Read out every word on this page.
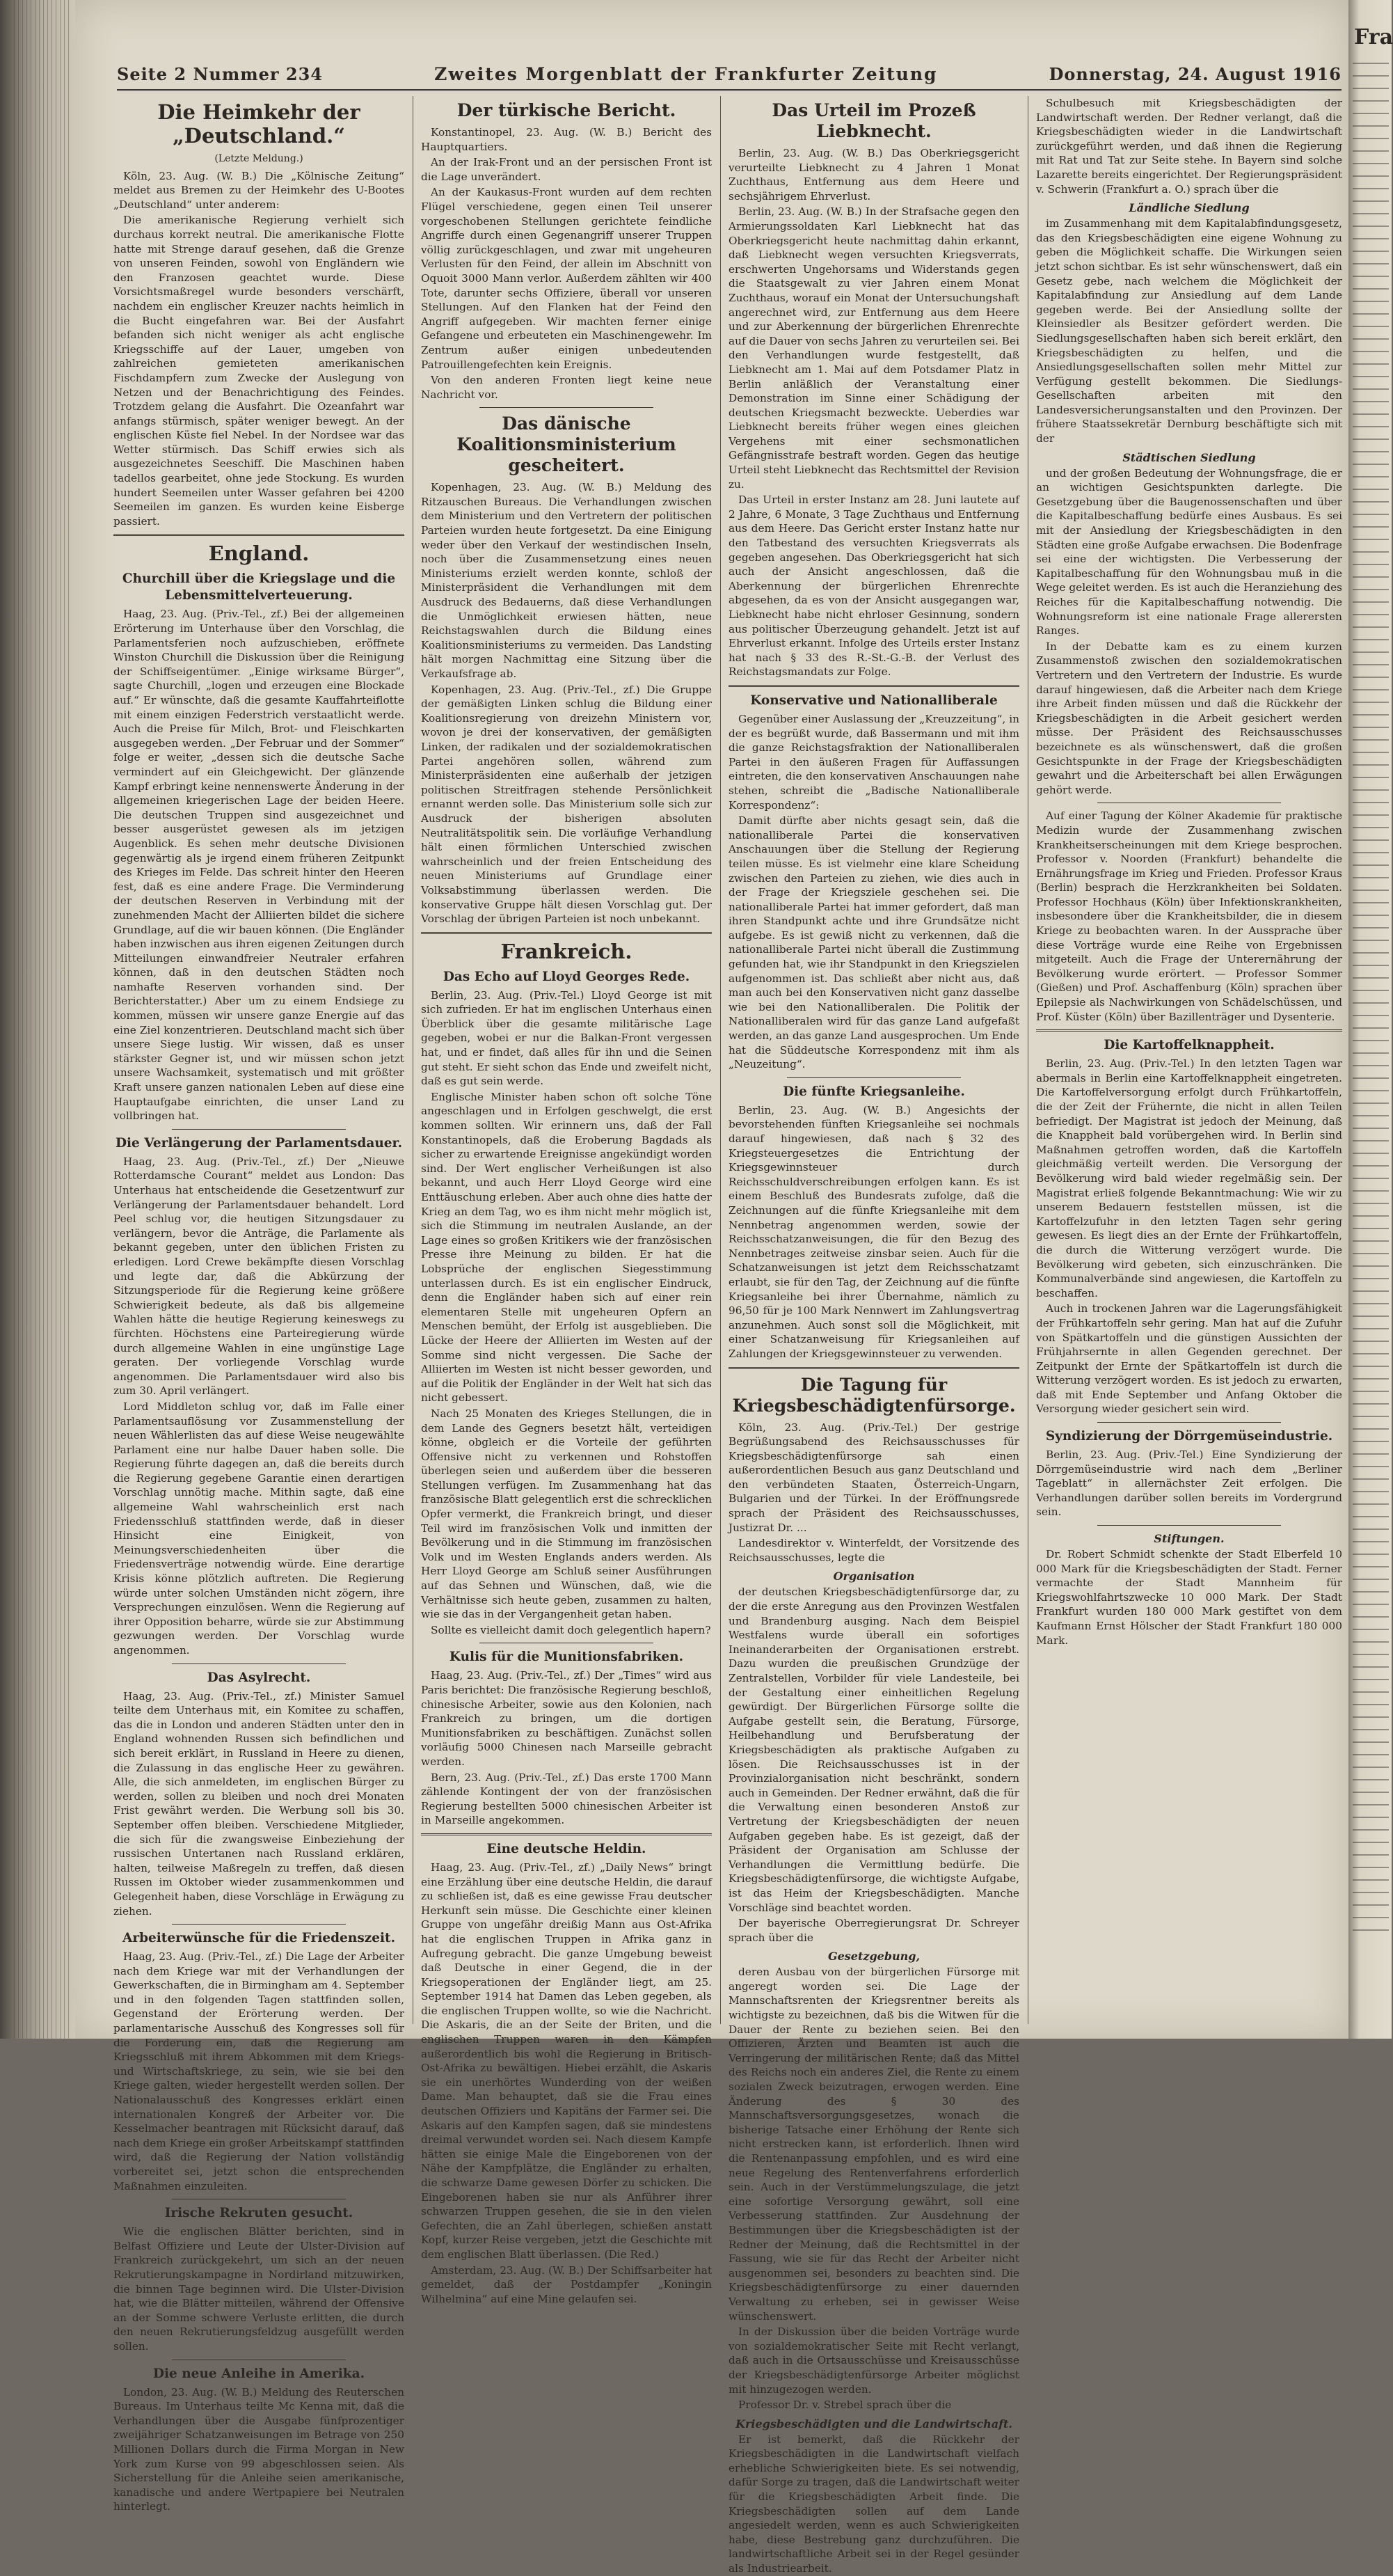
Fra
Seite 2 Nummer 234	Zweites Morgenblatt der Frankfurter Zeitung	Donnerstag, 24. August 1916
Die Heimkehr der „Deutschland.“
(Letzte Meldung.)

Köln, 23. Aug. (W. B.) Die „Kölnische Zeitung“ meldet aus Bremen zu der Heimkehr des U-Bootes „Deutschland“ unter anderem:

Die amerikanische Regierung verhielt sich durchaus korrekt neutral. Die amerikanische Flotte hatte mit Strenge darauf gesehen, daß die Grenze von unseren Feinden, sowohl von Engländern wie den Franzosen geachtet wurde. Diese Vorsichtsmaßregel wurde besonders verschärft, nachdem ein englischer Kreuzer nachts heimlich in die Bucht eingefahren war. Bei der Ausfahrt befanden sich nicht weniger als acht englische Kriegsschiffe auf der Lauer, umgeben von zahlreichen gemieteten amerikanischen Fischdampfern zum Zwecke der Auslegung von Netzen und der Benachrichtigung des Feindes. Trotzdem gelang die Ausfahrt. Die Ozeanfahrt war anfangs stürmisch, später weniger bewegt. An der englischen Küste fiel Nebel. In der Nordsee war das Wetter stürmisch. Das Schiff erwies sich als ausgezeichnetes Seeschiff. Die Maschinen haben tadellos gearbeitet, ohne jede Stockung. Es wurden hundert Seemeilen unter Wasser gefahren bei 4200 Seemeilen im ganzen. Es wurden keine Eisberge passiert.

England.
Churchill über die Kriegslage und die Lebensmittelverteuerung.

Haag, 23. Aug. (Priv.-Tel., zf.) Bei der allgemeinen Erörterung im Unterhause über den Vorschlag, die Parlamentsferien noch aufzuschieben, eröffnete Winston Churchill die Diskussion über die Reinigung der Schiffseigentümer. „Einige wirksame Bürger“, sagte Churchill, „logen und erzeugen eine Blockade auf.“ Er wünschte, daß die gesamte Kauffahrteiflotte mit einem einzigen Federstrich verstaatlicht werde. Auch die Preise für Milch, Brot- und Fleischkarten ausgegeben werden. „Der Februar und der Sommer“ folge er weiter, „dessen sich die deutsche Sache vermindert auf ein Gleichgewicht. Der glänzende Kampf erbringt keine nennenswerte Änderung in der allgemeinen kriegerischen Lage der beiden Heere. Die deutschen Truppen sind ausgezeichnet und besser ausgerüstet gewesen als im jetzigen Augenblick. Es sehen mehr deutsche Divisionen gegenwärtig als je irgend einem früheren Zeitpunkt des Krieges im Felde. Das schreit hinter den Heeren fest, daß es eine andere Frage. Die Verminderung der deutschen Reserven in Verbindung mit der zunehmenden Macht der Alliierten bildet die sichere Grundlage, auf die wir bauen können. (Die Engländer haben inzwischen aus ihren eigenen Zeitungen durch Mitteilungen einwandfreier Neutraler erfahren können, daß in den deutschen Städten noch namhafte Reserven vorhanden sind. Der Berichterstatter.) Aber um zu einem Endsiege zu kommen, müssen wir unsere ganze Energie auf das eine Ziel konzentrieren. Deutschland macht sich über unsere Siege lustig. Wir wissen, daß es unser stärkster Gegner ist, und wir müssen schon jetzt unsere Wachsamkeit, systematisch und mit größter Kraft unsere ganzen nationalen Leben auf diese eine Hauptaufgabe einrichten, die unser Land zu vollbringen hat.

Die Verlängerung der Parlamentsdauer.

Haag, 23. Aug. (Priv.-Tel., zf.) Der „Nieuwe Rotterdamsche Courant“ meldet aus London: Das Unterhaus hat entscheidende die Gesetzentwurf zur Verlängerung der Parlamentsdauer behandelt. Lord Peel schlug vor, die heutigen Sitzungsdauer zu verlängern, bevor die Anträge, die Parlamente als bekannt gegeben, unter den üblichen Fristen zu erledigen. Lord Crewe bekämpfte diesen Vorschlag und legte dar, daß die Abkürzung der Sitzungsperiode für die Regierung keine größere Schwierigkeit bedeute, als daß bis allgemeine Wahlen hätte die heutige Regierung keineswegs zu fürchten. Höchstens eine Parteiregierung würde durch allgemeine Wahlen in eine ungünstige Lage geraten. Der vorliegende Vorschlag wurde angenommen. Die Parlamentsdauer wird also bis zum 30. April verlängert.

Lord Middleton schlug vor, daß im Falle einer Parlamentsauflösung vor Zusammenstellung der neuen Wählerlisten das auf diese Weise neugewählte Parlament eine nur halbe Dauer haben solle. Die Regierung führte dagegen an, daß die bereits durch die Regierung gegebene Garantie einen derartigen Vorschlag unnötig mache. Mithin sagte, daß eine allgemeine Wahl wahrscheinlich erst nach Friedensschluß stattfinden werde, daß in dieser Hinsicht eine Einigkeit, von Meinungsverschiedenheiten über die Friedensverträge notwendig würde. Eine derartige Krisis könne plötzlich auftreten. Die Regierung würde unter solchen Umständen nicht zögern, ihre Versprechungen einzulösen. Wenn die Regierung auf ihrer Opposition beharre, würde sie zur Abstimmung gezwungen werden. Der Vorschlag wurde angenommen.

Das Asylrecht.

Haag, 23. Aug. (Priv.-Tel., zf.) Minister Samuel teilte dem Unterhaus mit, ein Komitee zu schaffen, das die in London und anderen Städten unter den in England wohnenden Russen sich befindlichen und sich bereit erklärt, in Russland in Heere zu dienen, die Zulassung in das englische Heer zu gewähren. Alle, die sich anmeldeten, im englischen Bürger zu werden, sollen zu bleiben und noch drei Monaten Frist gewährt werden. Die Werbung soll bis 30. September offen bleiben. Verschiedene Mitglieder, die sich für die zwangsweise Einbeziehung der russischen Untertanen nach Russland erklären, halten, teilweise Maßregeln zu treffen, daß diesen Russen im Oktober wieder zusammenkommen und Gelegenheit haben, diese Vorschläge in Erwägung zu ziehen.

Arbeiterwünsche für die Friedenszeit.

Haag, 23. Aug. (Priv.-Tel., zf.) Die Lage der Arbeiter nach dem Kriege war mit der Verhandlungen der Gewerkschaften, die in Birmingham am 4. September und in den folgenden Tagen stattfinden sollen, Gegenstand der Erörterung werden. Der parlamentarische Ausschuß des Kongresses soll für die Forderung ein, daß die Regierung am Kriegsschluß mit ihrem Abkommen mit dem Kriegs- und Wirtschaftskriege, zu sein, wie sie bei den Kriege galten, wieder hergestellt werden sollen. Der Nationalausschuß des Kongresses erklärt einen internationalen Kongreß der Arbeiter vor. Die Kesselmacher beantragen mit Rücksicht darauf, daß nach dem Kriege ein großer Arbeitskampf stattfinden wird, daß die Regierung der Nation vollständig vorbereitet sei, jetzt schon die entsprechenden Maßnahmen einzuleiten.

Irische Rekruten gesucht.

Wie die englischen Blätter berichten, sind in Belfast Offiziere und Leute der Ulster-Division auf Frankreich zurückgekehrt, um sich an der neuen Rekrutierungskampagne in Nordirland mitzuwirken, die binnen Tage beginnen wird. Die Ulster-Division hat, wie die Blätter mitteilen, während der Offensive an der Somme schwere Verluste erlitten, die durch den neuen Rekrutierungsfeldzug ausgefüllt werden sollen.

Die neue Anleihe in Amerika.

London, 23. Aug. (W. B.) Meldung des Reuterschen Bureaus. Im Unterhaus teilte Mc Kenna mit, daß die Verhandlungen über die Ausgabe fünfprozentiger zweijähriger Schatzanweisungen im Betrage von 250 Millionen Dollars durch die Firma Morgan in New York zum Kurse von 99 abgeschlossen seien. Als Sicherstellung für die Anleihe seien amerikanische, kanadische und andere Wertpapiere bei Neutralen hinterlegt.

Der türkische Bericht.

Konstantinopel, 23. Aug. (W. B.) Bericht des Hauptquartiers.

An der Irak-Front und an der persischen Front ist die Lage unverändert.

An der Kaukasus-Front wurden auf dem rechten Flügel verschiedene, gegen einen Teil unserer vorgeschobenen Stellungen gerichtete feindliche Angriffe durch einen Gegenangriff unserer Truppen völlig zurückgeschlagen, und zwar mit ungeheuren Verlusten für den Feind, der allein im Abschnitt von Oquoit 3000 Mann verlor. Außerdem zählten wir 400 Tote, darunter sechs Offiziere, überall vor unseren Stellungen. Auf den Flanken hat der Feind den Angriff aufgegeben. Wir machten ferner einige Gefangene und erbeuteten ein Maschinengewehr. Im Zentrum außer einigen unbedeutenden Patrouillengefechten kein Ereignis.

Von den anderen Fronten liegt keine neue Nachricht vor.

Das dänische Koalitionsministerium gescheitert.

Kopenhagen, 23. Aug. (W. B.) Meldung des Ritzauschen Bureaus. Die Verhandlungen zwischen dem Ministerium und den Vertretern der politischen Parteien wurden heute fortgesetzt. Da eine Einigung weder über den Verkauf der westindischen Inseln, noch über die Zusammensetzung eines neuen Ministeriums erzielt werden konnte, schloß der Ministerpräsident die Verhandlungen mit dem Ausdruck des Bedauerns, daß diese Verhandlungen die Unmöglichkeit erwiesen hätten, neue Reichstagswahlen durch die Bildung eines Koalitionsministeriums zu vermeiden. Das Landsting hält morgen Nachmittag eine Sitzung über die Verkaufsfrage ab.

Kopenhagen, 23. Aug. (Priv.-Tel., zf.) Die Gruppe der gemäßigten Linken schlug die Bildung einer Koalitionsregierung von dreizehn Ministern vor, wovon je drei der konservativen, der gemäßigten Linken, der radikalen und der sozialdemokratischen Partei angehören sollen, während zum Ministerpräsidenten eine außerhalb der jetzigen politischen Streitfragen stehende Persönlichkeit ernannt werden solle. Das Ministerium solle sich zur Ausdruck der bisherigen absoluten Neutralitätspolitik sein. Die vorläufige Verhandlung hält einen förmlichen Unterschied zwischen wahrscheinlich und der freien Entscheidung des neuen Ministeriums auf Grundlage einer Volksabstimmung überlassen werden. Die konservative Gruppe hält diesen Vorschlag gut. Der Vorschlag der übrigen Parteien ist noch unbekannt.

Frankreich.
Das Echo auf Lloyd Georges Rede.

Berlin, 23. Aug. (Priv.-Tel.) Lloyd George ist mit sich zufrieden. Er hat im englischen Unterhaus einen Überblick über die gesamte militärische Lage gegeben, wobei er nur die Balkan-Front vergessen hat, und er findet, daß alles für ihn und die Seinen gut steht. Er sieht schon das Ende und zweifelt nicht, daß es gut sein werde.

Englische Minister haben schon oft solche Töne angeschlagen und in Erfolgen geschwelgt, die erst kommen sollten. Wir erinnern uns, daß der Fall Konstantinopels, daß die Eroberung Bagdads als sicher zu erwartende Ereignisse angekündigt worden sind. Der Wert englischer Verheißungen ist also bekannt, und auch Herr Lloyd George wird eine Enttäuschung erleben. Aber auch ohne dies hatte der Krieg an dem Tag, wo es ihm nicht mehr möglich ist, sich die Stimmung im neutralen Auslande, an der Lage eines so großen Kritikers wie der französischen Presse ihre Meinung zu bilden. Er hat die Lobsprüche der englischen Siegesstimmung unterlassen durch. Es ist ein englischer Eindruck, denn die Engländer haben sich auf einer rein elementaren Stelle mit ungeheuren Opfern an Menschen bemüht, der Erfolg ist ausgeblieben. Die Lücke der Heere der Alliierten im Westen auf der Somme sind nicht vergessen. Die Sache der Alliierten im Westen ist nicht besser geworden, und auf die Politik der Engländer in der Welt hat sich das nicht gebessert.

Nach 25 Monaten des Krieges Stellungen, die in dem Lande des Gegners besetzt hält, verteidigen könne, obgleich er die Vorteile der geführten Offensive nicht zu verkennen und Rohstoffen überlegen seien und außerdem über die besseren Stellungen verfügen. Im Zusammenhang hat das französische Blatt gelegentlich erst die schrecklichen Opfer vermerkt, die Frankreich bringt, und dieser Teil wird im französischen Volk und inmitten der Bevölkerung und in die Stimmung im französischen Volk und im Westen Englands anders werden. Als Herr Lloyd George am Schluß seiner Ausführungen auf das Sehnen und Wünschen, daß, wie die Verhältnisse sich heute geben, zusammen zu halten, wie sie das in der Vergangenheit getan haben.

Sollte es vielleicht damit doch gelegentlich hapern?

Kulis für die Munitionsfabriken.

Haag, 23. Aug. (Priv.-Tel., zf.) Der „Times“ wird aus Paris berichtet: Die französische Regierung beschloß, chinesische Arbeiter, sowie aus den Kolonien, nach Frankreich zu bringen, um die dortigen Munitionsfabriken zu beschäftigen. Zunächst sollen vorläufig 5000 Chinesen nach Marseille gebracht werden.

Bern, 23. Aug. (Priv.-Tel., zf.) Das erste 1700 Mann zählende Kontingent der von der französischen Regierung bestellten 5000 chinesischen Arbeiter ist in Marseille angekommen.

Eine deutsche Heldin.

Haag, 23. Aug. (Priv.-Tel., zf.) „Daily News“ bringt eine Erzählung über eine deutsche Heldin, die darauf zu schließen ist, daß es eine gewisse Frau deutscher Herkunft sein müsse. Die Geschichte einer kleinen Gruppe von ungefähr dreißig Mann aus Ost-Afrika hat die englischen Truppen in Afrika ganz in Aufregung gebracht. Die ganze Umgebung beweist daß Deutsche in einer Gegend, die in der Kriegsoperationen der Engländer liegt, am 25. September 1914 hat Damen das Leben gegeben, als die englischen Truppen wollte, so wie die Nachricht. Die Askaris, die an der Seite der Briten, und die englischen Truppen waren in den Kämpfen außerordentlich bis wohl die Regierung in Britisch-Ost-Afrika zu bewältigen. Hiebei erzählt, die Askaris sie ein unerhörtes Wunderding von der weißen Dame. Man behauptet, daß sie die Frau eines deutschen Offiziers und Kapitäns der Farmer sei. Die Askaris auf den Kampfen sagen, daß sie mindestens dreimal verwundet worden sei. Nach diesem Kampfe hätten sie einige Male die Eingeborenen von der Nähe der Kampfplätze, die Engländer zu erhalten, die schwarze Dame gewesen Dörfer zu schicken. Die Eingeborenen haben sie nur als Anführer ihrer schwarzen Truppen gesehen, die sie in den vielen Gefechten, die an Zahl überlegen, schießen anstatt Kopf, kurzer Reise vergeben, jetzt die Geschichte mit dem englischen Blatt überlassen. (Die Red.)

Amsterdam, 23. Aug. (W. B.) Der Schiffsarbeiter hat gemeldet, daß der Postdampfer „Koningin Wilhelmina“ auf eine Mine gelaufen sei.

Das Urteil im Prozeß Liebknecht.

Berlin, 23. Aug. (W. B.) Das Oberkriegsgericht verurteilte Liebknecht zu 4 Jahren 1 Monat Zuchthaus, Entfernung aus dem Heere und sechsjährigem Ehrverlust.

Berlin, 23. Aug. (W. B.) In der Strafsache gegen den Armierungssoldaten Karl Liebknecht hat das Oberkriegsgericht heute nachmittag dahin erkannt, daß Liebknecht wegen versuchten Kriegsverrats, erschwerten Ungehorsams und Widerstands gegen die Staatsgewalt zu vier Jahren einem Monat Zuchthaus, worauf ein Monat der Untersuchungshaft angerechnet wird, zur Entfernung aus dem Heere und zur Aberkennung der bürgerlichen Ehrenrechte auf die Dauer von sechs Jahren zu verurteilen sei. Bei den Verhandlungen wurde festgestellt, daß Liebknecht am 1. Mai auf dem Potsdamer Platz in Berlin anläßlich der Veranstaltung einer Demonstration im Sinne einer Schädigung der deutschen Kriegsmacht bezweckte. Ueberdies war Liebknecht bereits früher wegen eines gleichen Vergehens mit einer sechsmonatlichen Gefängnisstrafe bestraft worden. Gegen das heutige Urteil steht Liebknecht das Rechtsmittel der Revision zu.

Das Urteil in erster Instanz am 28. Juni lautete auf 2 Jahre, 6 Monate, 3 Tage Zuchthaus und Entfernung aus dem Heere. Das Gericht erster Instanz hatte nur den Tatbestand des versuchten Kriegsverrats als gegeben angesehen. Das Oberkriegsgericht hat sich auch der Ansicht angeschlossen, daß die Aberkennung der bürgerlichen Ehrenrechte abgesehen, da es von der Ansicht ausgegangen war, Liebknecht habe nicht ehrloser Gesinnung, sondern aus politischer Überzeugung gehandelt. Jetzt ist auf Ehrverlust erkannt. Infolge des Urteils erster Instanz hat nach § 33 des R.-St.-G.-B. der Verlust des Reichstagsmandats zur Folge.

Konservative und Nationalliberale

Gegenüber einer Auslassung der „Kreuzzeitung“, in der es begrüßt wurde, daß Bassermann und mit ihm die ganze Reichstagsfraktion der Nationalliberalen Partei in den äußeren Fragen für Auffassungen eintreten, die den konservativen Anschauungen nahe stehen, schreibt die „Badische Nationalliberale Korrespondenz“:

Damit dürfte aber nichts gesagt sein, daß die nationalliberale Partei die konservativen Anschauungen über die Stellung der Regierung teilen müsse. Es ist vielmehr eine klare Scheidung zwischen den Parteien zu ziehen, wie dies auch in der Frage der Kriegsziele geschehen sei. Die nationalliberale Partei hat immer gefordert, daß man ihren Standpunkt achte und ihre Grundsätze nicht aufgebe. Es ist gewiß nicht zu verkennen, daß die nationalliberale Partei nicht überall die Zustimmung gefunden hat, wie ihr Standpunkt in den Kriegszielen aufgenommen ist. Das schließt aber nicht aus, daß man auch bei den Konservativen nicht ganz dasselbe wie bei den Nationalliberalen. Die Politik der Nationalliberalen wird für das ganze Land aufgefaßt werden, an das ganze Land ausgesprochen. Um Ende hat die Süddeutsche Korrespondenz mit ihm als „Neuzeitung“.

Die fünfte Kriegsanleihe.

Berlin, 23. Aug. (W. B.) Angesichts der bevorstehenden fünften Kriegsanleihe sei nochmals darauf hingewiesen, daß nach § 32 des Kriegsteuergesetzes die Entrichtung der Kriegsgewinnsteuer durch Reichsschuldverschreibungen erfolgen kann. Es ist einem Beschluß des Bundesrats zufolge, daß die Zeichnungen auf die fünfte Kriegsanleihe mit dem Nennbetrag angenommen werden, sowie der Reichsschatzanweisungen, die für den Bezug des Nennbetrages zeitweise zinsbar seien. Auch für die Schatzanweisungen ist jetzt dem Reichsschatzamt erlaubt, sie für den Tag, der Zeichnung auf die fünfte Kriegsanleihe bei ihrer Übernahme, nämlich zu 96,50 für je 100 Mark Nennwert im Zahlungsvertrag anzunehmen. Auch sonst soll die Möglichkeit, mit einer Schatzanweisung für Kriegsanleihen auf Zahlungen der Kriegsgewinnsteuer zu verwenden.

Die Tagung für Kriegsbeschädigtenfürsorge.

Köln, 23. Aug. (Priv.-Tel.) Der gestrige Begrüßungsabend des Reichsausschusses für Kriegsbeschädigtenfürsorge sah einen außerordentlichen Besuch aus ganz Deutschland und den verbündeten Staaten, Österreich-Ungarn, Bulgarien und der Türkei. In der Eröffnungsrede sprach der Präsident des Reichsausschusses, Justizrat Dr. ...

Landesdirektor v. Winterfeldt, der Vorsitzende des Reichsausschusses, legte die

Organisation

der deutschen Kriegsbeschädigtenfürsorge dar, zu der die erste Anregung aus den Provinzen Westfalen und Brandenburg ausging. Nach dem Beispiel Westfalens wurde überall ein sofortiges Ineinanderarbeiten der Organisationen erstrebt. Dazu wurden die preußischen Grundzüge der Zentralstellen, Vorbilder für viele Landesteile, bei der Gestaltung einer einheitlichen Regelung gewürdigt. Der Bürgerlichen Fürsorge sollte die Aufgabe gestellt sein, die Beratung, Fürsorge, Heilbehandlung und Berufsberatung der Kriegsbeschädigten als praktische Aufgaben zu lösen. Die Reichsausschusses ist in der Provinzialorganisation nicht beschränkt, sondern auch in Gemeinden. Der Redner erwähnt, daß die für die Verwaltung einen besonderen Anstoß zur Vertretung der Kriegsbeschädigten der neuen Aufgaben gegeben habe. Es ist gezeigt, daß der Präsident der Organisation am Schlusse der Verhandlungen die Vermittlung bedürfe. Die Kriegsbeschädigtenfürsorge, die wichtigste Aufgabe, ist das Heim der Kriegsbeschädigten. Manche Vorschläge sind beachtet worden.

Der bayerische Oberregierungsrat Dr. Schreyer sprach über die

Gesetzgebung,

deren Ausbau von der bürgerlichen Fürsorge mit angeregt worden sei. Die Lage der Mannschaftsrenten der Kriegsrentner bereits als wichtigste zu bezeichnen, daß bis die Witwen für die Dauer der Rente zu beziehen seien. Bei den Offizieren, Ärzten und Beamten ist auch die Verringerung der militärischen Rente; daß das Mittel des Reichs noch ein anderes Ziel, die Rente zu einem sozialen Zweck beizutragen, erwogen werden. Eine Änderung des § 30 des Mannschaftsversorgungsgesetzes, wonach die bisherige Tatsache einer Erhöhung der Rente sich nicht erstrecken kann, ist erforderlich. Ihnen wird die Rentenanpassung empfohlen, und es wird eine neue Regelung des Rentenverfahrens erforderlich sein. Auch in der Verstümmelungszulage, die jetzt eine sofortige Versorgung gewährt, soll eine Verbesserung stattfinden. Zur Ausdehnung der Bestimmungen über die Kriegsbeschädigten ist der Redner der Meinung, daß die Rechtsmittel in der Fassung, wie sie für das Recht der Arbeiter nicht ausgenommen sei, besonders zu beachten sind. Die Kriegsbeschädigtenfürsorge zu einer dauernden Verwaltung zu erheben, sei in gewisser Weise wünschenswert.

In der Diskussion über die beiden Vorträge wurde von sozialdemokratischer Seite mit Recht verlangt, daß auch in die Ortsausschüsse und Kreisausschüsse der Kriegsbeschädigtenfürsorge Arbeiter möglichst mit hinzugezogen werden.

Professor Dr. v. Strebel sprach über die

Kriegsbeschädigten und die Landwirtschaft.

Er ist bemerkt, daß die Rückkehr der Kriegsbeschädigten in die Landwirtschaft vielfach erhebliche Schwierigkeiten biete. Es sei notwendig, dafür Sorge zu tragen, daß die Landwirtschaft weiter für die Kriegsbeschädigten Arbeit finde. Die Kriegsbeschädigten sollen auf dem Lande angesiedelt werden, wenn es auch Schwierigkeiten habe, diese Bestrebung ganz durchzuführen. Die landwirtschaftliche Arbeit sei in der Regel gesünder als Industriearbeit.

Schulbesuch mit Kriegsbeschädigten der Landwirtschaft werden. Der Redner verlangt, daß die Kriegsbeschädigten wieder in die Landwirtschaft zurückgeführt werden, und daß ihnen die Regierung mit Rat und Tat zur Seite stehe. In Bayern sind solche Lazarette bereits eingerichtet. Der Regierungspräsident v. Schwerin (Frankfurt a. O.) sprach über die

Ländliche Siedlung

im Zusammenhang mit dem Kapitalabfindungsgesetz, das den Kriegsbeschädigten eine eigene Wohnung zu geben die Möglichkeit schaffe. Die Wirkungen seien jetzt schon sichtbar. Es ist sehr wünschenswert, daß ein Gesetz gebe, nach welchem die Möglichkeit der Kapitalabfindung zur Ansiedlung auf dem Lande gegeben werde. Bei der Ansiedlung sollte der Kleinsiedler als Besitzer gefördert werden. Die Siedlungsgesellschaften haben sich bereit erklärt, den Kriegsbeschädigten zu helfen, und die Ansiedlungsgesellschaften sollen mehr Mittel zur Verfügung gestellt bekommen. Die Siedlungs-Gesellschaften arbeiten mit den Landesversicherungsanstalten und den Provinzen. Der frühere Staatssekretär Dernburg beschäftigte sich mit der

Städtischen Siedlung

und der großen Bedeutung der Wohnungsfrage, die er an wichtigen Gesichtspunkten darlegte. Die Gesetzgebung über die Baugenossenschaften und über die Kapitalbeschaffung bedürfe eines Ausbaus. Es sei mit der Ansiedlung der Kriegsbeschädigten in den Städten eine große Aufgabe erwachsen. Die Bodenfrage sei eine der wichtigsten. Die Verbesserung der Kapitalbeschaffung für den Wohnungsbau muß in die Wege geleitet werden. Es ist auch die Heranziehung des Reiches für die Kapitalbeschaffung notwendig. Die Wohnungsreform ist eine nationale Frage allerersten Ranges.

In der Debatte kam es zu einem kurzen Zusammenstoß zwischen den sozialdemokratischen Vertretern und den Vertretern der Industrie. Es wurde darauf hingewiesen, daß die Arbeiter nach dem Kriege ihre Arbeit finden müssen und daß die Rückkehr der Kriegsbeschädigten in die Arbeit gesichert werden müsse. Der Präsident des Reichsausschusses bezeichnete es als wünschenswert, daß die großen Gesichtspunkte in der Frage der Kriegsbeschädigten gewahrt und die Arbeiterschaft bei allen Erwägungen gehört werde.

Auf einer Tagung der Kölner Akademie für praktische Medizin wurde der Zusammenhang zwischen Krankheitserscheinungen mit dem Kriege besprochen. Professor v. Noorden (Frankfurt) behandelte die Ernährungsfrage im Krieg und Frieden. Professor Kraus (Berlin) besprach die Herzkrankheiten bei Soldaten. Professor Hochhaus (Köln) über Infektionskrankheiten, insbesondere über die Krankheitsbilder, die in diesem Kriege zu beobachten waren. In der Aussprache über diese Vorträge wurde eine Reihe von Ergebnissen mitgeteilt. Auch die Frage der Unterernährung der Bevölkerung wurde erörtert. — Professor Sommer (Gießen) und Prof. Aschaffenburg (Köln) sprachen über Epilepsie als Nachwirkungen von Schädelschüssen, und Prof. Küster (Köln) über Bazillenträger und Dysenterie.

Die Kartoffelknappheit.

Berlin, 23. Aug. (Priv.-Tel.) In den letzten Tagen war abermals in Berlin eine Kartoffelknappheit eingetreten. Die Kartoffelversorgung erfolgt durch Frühkartoffeln, die der Zeit der Frühernte, die nicht in allen Teilen befriedigt. Der Magistrat ist jedoch der Meinung, daß die Knappheit bald vorübergehen wird. In Berlin sind Maßnahmen getroffen worden, daß die Kartoffeln gleichmäßig verteilt werden. Die Versorgung der Bevölkerung wird bald wieder regelmäßig sein. Der Magistrat erließ folgende Bekanntmachung: Wie wir zu unserem Bedauern feststellen müssen, ist die Kartoffelzufuhr in den letzten Tagen sehr gering gewesen. Es liegt dies an der Ernte der Frühkartoffeln, die durch die Witterung verzögert wurde. Die Bevölkerung wird gebeten, sich einzuschränken. Die Kommunalverbände sind angewiesen, die Kartoffeln zu beschaffen.

Auch in trockenen Jahren war die Lagerungsfähigkeit der Frühkartoffeln sehr gering. Man hat auf die Zufuhr von Spätkartoffeln und die günstigen Aussichten der Frühjahrsernte in allen Gegenden gerechnet. Der Zeitpunkt der Ernte der Spätkartoffeln ist durch die Witterung verzögert worden. Es ist jedoch zu erwarten, daß mit Ende September und Anfang Oktober die Versorgung wieder gesichert sein wird.

Syndizierung der Dörrgemüseindustrie.

Berlin, 23. Aug. (Priv.-Tel.) Eine Syndizierung der Dörrgemüseindustrie wird nach dem „Berliner Tageblatt“ in allernächster Zeit erfolgen. Die Verhandlungen darüber sollen bereits im Vordergrund sein.

Stiftungen.

Dr. Robert Schmidt schenkte der Stadt Elberfeld 10 000 Mark für die Kriegsbeschädigten der Stadt. Ferner vermachte der Stadt Mannheim für Kriegswohlfahrtszwecke 10 000 Mark. Der Stadt Frankfurt wurden 180 000 Mark gestiftet von dem Kaufmann Ernst Hölscher der Stadt Frankfurt 180 000 Mark.
